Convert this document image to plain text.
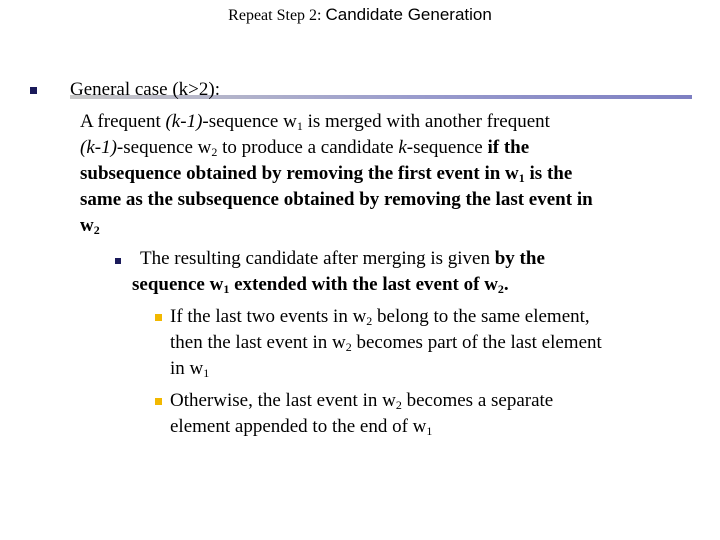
Repeat Step 2: Candidate Generation
General case (k>2):
A frequent (k-1)-sequence $w_1$ is merged with another frequent
(k-1)-sequence $w_2$ to produce a candidate k-sequence if the
subsequence obtained by removing the first event in $w_1$ is the
same as the subsequence obtained by removing the last event in
$w_2$
The resulting candidate after merging is given by the
sequence $w_1$ extended with the last event of $w_2$.
If the last two events in $w_2$ belong to the same element,
then the last event in $w_2$ becomes part of the last element
in $w_1$
Otherwise, the last event in $w_2$ becomes a separate
element appended to the end of $w_1$
